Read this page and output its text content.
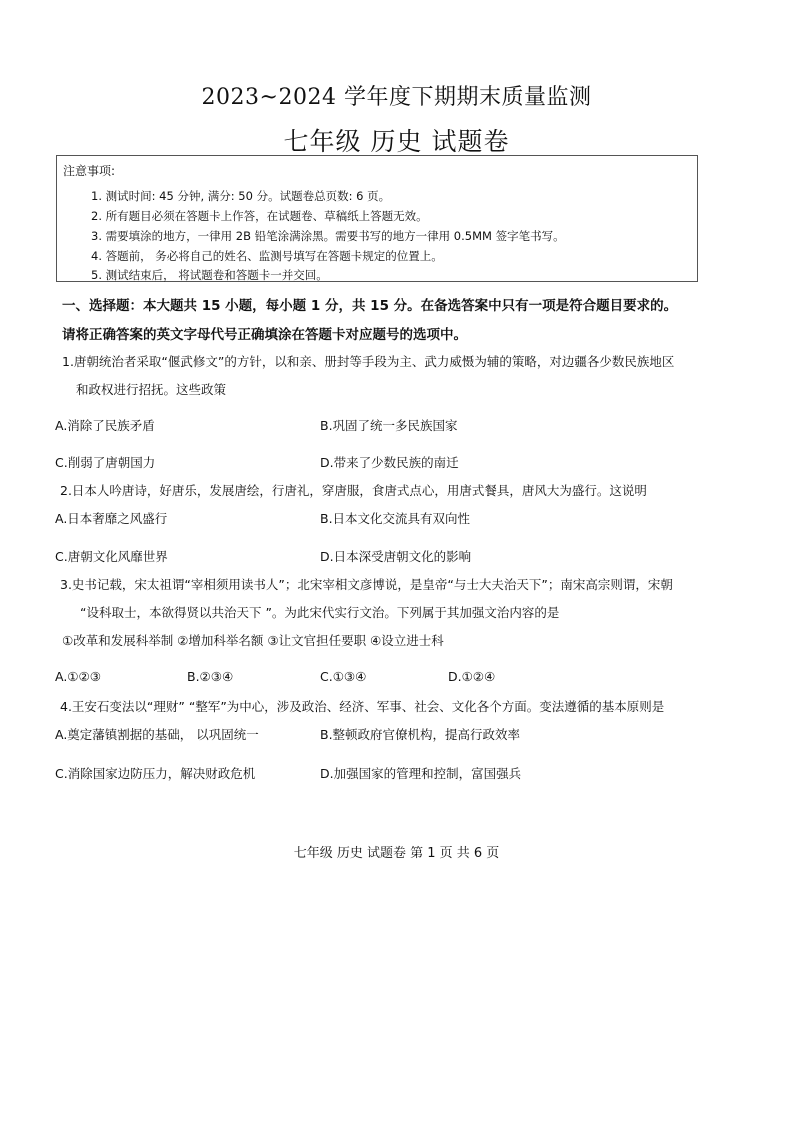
2023~2024 学年度下期期末质量监测
七年级 历史 试题卷
注意事项:
1. 测试时间: 45 分钟, 满分: 50 分。试题卷总页数: 6 页。
2. 所有题目必须在答题卡上作答，在试题卷、草稿纸上答题无效。
3. 需要填涂的地方，一律用 2B 铅笔涂满涂黑。需要书写的地方一律用 0.5MM 签字笔书写。
4. 答题前， 务必将自己的姓名、监测号填写在答题卡规定的位置上。
5. 测试结束后， 将试题卷和答题卡一并交回。
一、选择题：本大题共 15 小题，每小题 1 分，共 15 分。在备选答案中只有一项是符合题目要求的。
请将正确答案的英文字母代号正确填涂在答题卡对应题号的选项中。
1.唐朝统治者采取“偃武修文”的方针，以和亲、册封等手段为主、武力威慑为辅的策略，对边疆各少数民族地区
和政权进行招抚。这些政策
A.消除了民族矛盾	B.巩固了统一多民族国家
C.削弱了唐朝国力	D.带来了少数民族的南迁
2.日本人吟唐诗，好唐乐，发展唐绘，行唐礼，穿唐服，食唐式点心，用唐式餐具，唐风大为盛行。这说明
A.日本奢靡之风盛行	B.日本文化交流具有双向性
C.唐朝文化风靡世界	D.日本深受唐朝文化的影响
3.史书记载，宋太祖谓“宰相须用读书人”；北宋宰相文彦博说，是皇帝“与士大夫治天下”；南宋高宗则谓，宋朝
“设科取士，本欲得贤以共治天下 ”。为此宋代实行文治。下列属于其加强文治内容的是
①改革和发展科举制 ②增加科举名额 ③让文官担任要职 ④设立进士科
A.①②③	B.②③④	C.①③④	D.①②④
4.王安石变法以“理财” “整军”为中心，涉及政治、经济、军事、社会、文化各个方面。变法遵循的基本原则是
A.奠定藩镇割据的基础， 以巩固统一	B.整顿政府官僚机构，提高行政效率
C.消除国家边防压力，解决财政危机	D.加强国家的管理和控制，富国强兵
七年级 历史 试题卷 第 1 页 共 6 页
